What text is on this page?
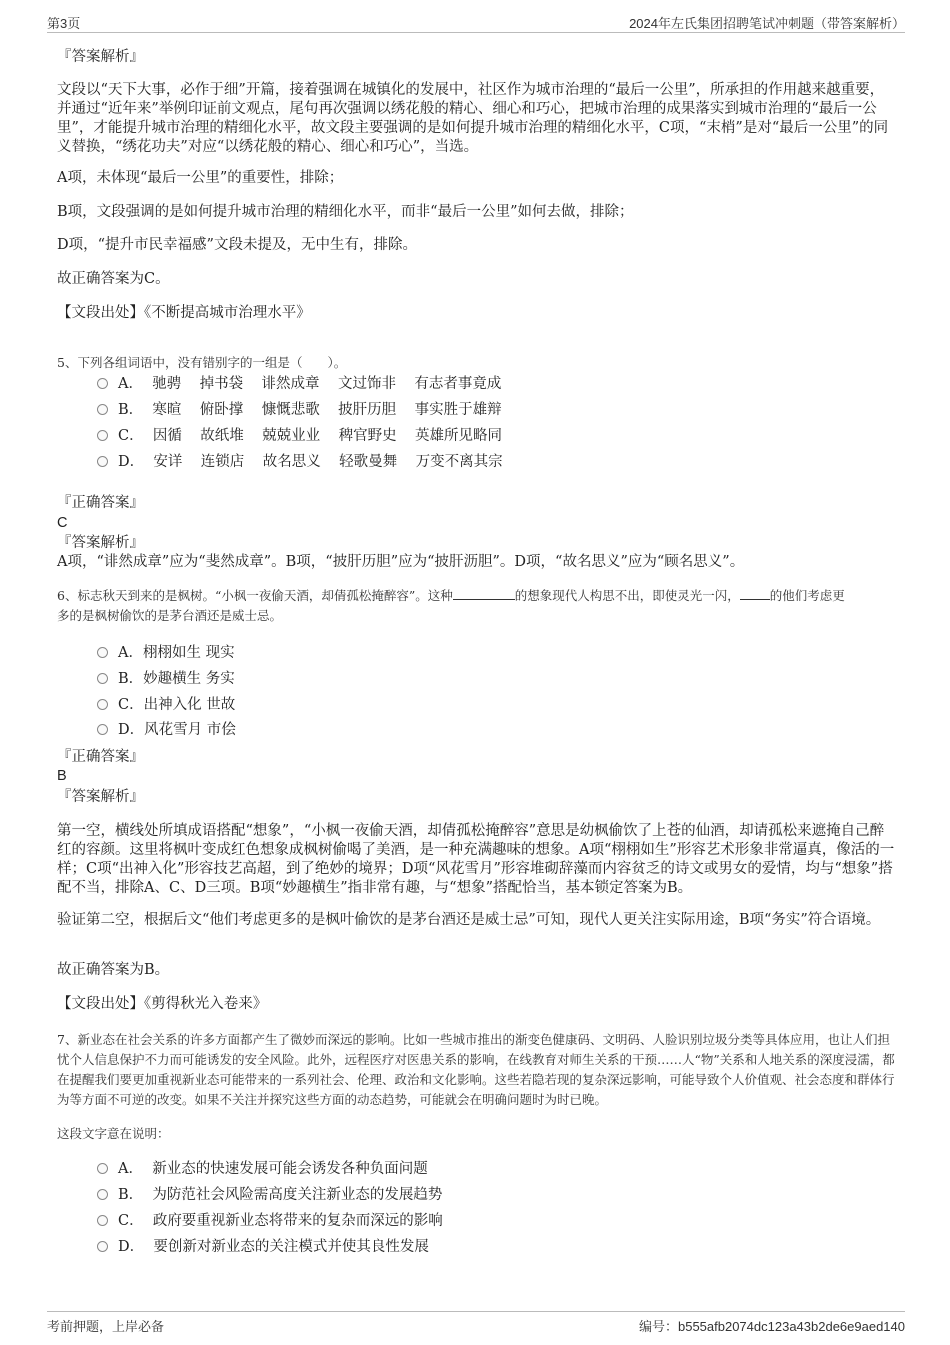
第3页	2024年左氏集团招聘笔试冲刺题（带答案解析）
『答案解析』

文段以“天下大事，必作于细”开篇，接着强调在城镇化的发展中，社区作为城市治理的“最后一公里”，所承担的作用越来越重要，并通过“近年来”举例印证前文观点，尾句再次强调以绣花般的精心、细心和巧心，把城市治理的成果落实到城市治理的“最后一公里”，才能提升城市治理的精细化水平，故文段主要强调的是如何提升城市治理的精细化水平，C项，“末梢”是对“最后一公里”的同义替换，“绣花功夫”对应“以绣花般的精心、细心和巧心”，当选。

A项，未体现“最后一公里”的重要性，排除；

B项，文段强调的是如何提升城市治理的精细化水平，而非“最后一公里”如何去做，排除；

D项，“提升市民幸福感”文段未提及，无中生有，排除。

故正确答案为C。

【文段出处】《不断提高城市治理水平》

5、下列各组词语中，没有错别字的一组是（　　）。
A．  驰骋    掉书袋    诽然成章    文过饰非    有志者事竟成
B．  寒暄    俯卧撑    慷慨悲歌    披肝历胆    事实胜于雄辩
C．  因循    故纸堆    兢兢业业    稗官野史    英雄所见略同
D．  安详    连锁店    故名思义    轻歌曼舞    万变不离其宗
『正确答案』
C
『答案解析』
A项，“诽然成章”应为“斐然成章”。B项，“披肝历胆”应为“披肝沥胆”。D项，“故名思义”应为“顾名思义”。
6、标志秋天到来的是枫树。“小枫一夜偷天酒，却倩孤松掩醉容”。这种	的想象现代人构思不出，即使灵光一闪， 的他们考虑更
多的是枫树偷饮的是茅台酒还是威士忌。
A．栩栩如生 现实
B．妙趣横生 务实
C．出神入化 世故
D．风花雪月 市侩
『正确答案』
B
『答案解析』

第一空，横线处所填成语搭配“想象”，“小枫一夜偷天酒，却倩孤松掩醉容”意思是幼枫偷饮了上苍的仙酒，却请孤松来遮掩自己醉红的容颜。这里将枫叶变成红色想象成枫树偷喝了美酒，是一种充满趣味的想象。A项“栩栩如生”形容艺术形象非常逼真，像活的一样；C项“出神入化”形容技艺高超，到了绝妙的境界；D项“风花雪月”形容堆砌辞藻而内容贫乏的诗文或男女的爱情，均与“想象”搭配不当，排除A、C、D三项。B项“妙趣横生”指非常有趣，与“想象”搭配恰当，基本锁定答案为B。

验证第二空，根据后文“他们考虑更多的是枫叶偷饮的是茅台酒还是威士忌”可知，现代人更关注实际用途，B项“务实”符合语境。

故正确答案为B。

【文段出处】《剪得秋光入卷来》

7、新业态在社会关系的许多方面都产生了微妙而深远的影响。比如一些城市推出的渐变色健康码、文明码、人脸识别垃圾分类等具体应用，也让人们担忧个人信息保护不力而可能诱发的安全风险。此外，远程医疗对医患关系的影响，在线教育对师生关系的干预……人“物”关系和人地关系的深度浸濡，都在提醒我们要更加重视新业态可能带来的一系列社会、伦理、政治和文化影响。这些若隐若现的复杂深远影响，可能导致个人价值观、社会态度和群体行为等方面不可逆的改变。如果不关注并探究这些方面的动态趋势，可能就会在明确问题时为时已晚。
这段文字意在说明：
A．  新业态的快速发展可能会诱发各种负面问题
B．  为防范社会风险需高度关注新业态的发展趋势
C．  政府要重视新业态将带来的复杂而深远的影响
D．  要创新对新业态的关注模式并使其良性发展
考前押题，上岸必备	编号：b555afb2074dc123a43b2de6e9aed140
